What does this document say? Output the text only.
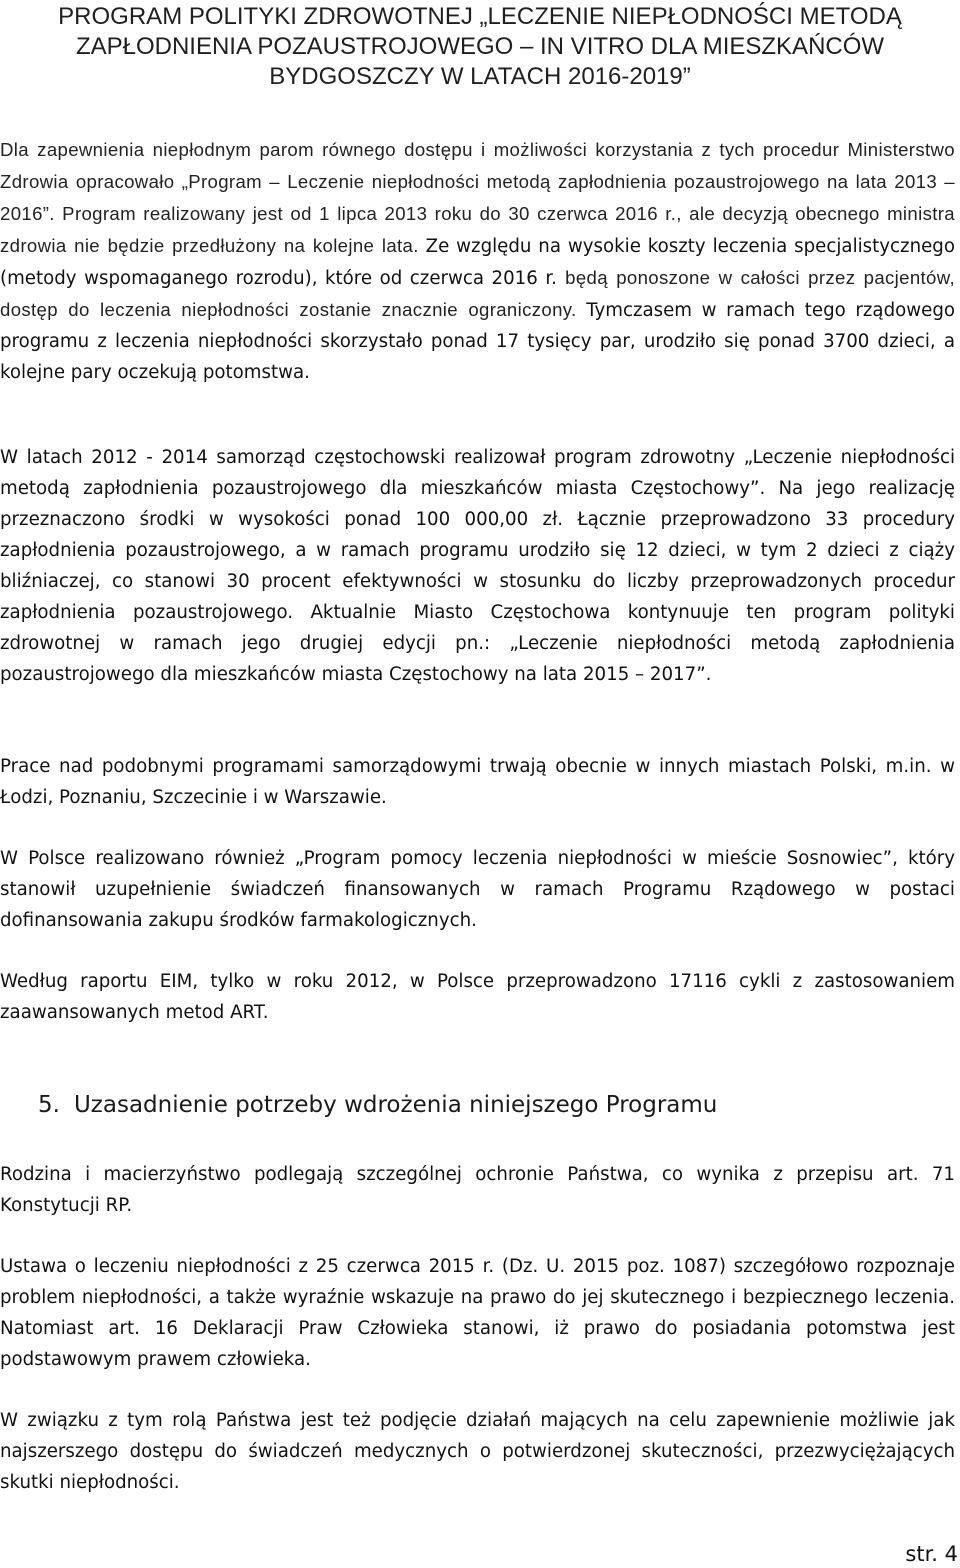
PROGRAM POLITYKI ZDROWOTNEJ „LECZENIE NIEPŁODNOŚCI METODĄ
ZAPŁODNIENIA POZAUSTROJOWEGO – IN VITRO DLA MIESZKAŃCÓW
BYDGOSZCZY W LATACH 2016-2019”

Dla zapewnienia niepłodnym parom równego dostępu i możliwości korzystania z tych procedur Ministerstwo Zdrowia opracowało „Program – Leczenie niepłodności metodą zapłodnienia pozaustrojowego na lata 2013 – 2016”. Program realizowany jest od 1 lipca 2013 roku do 30 czerwca 2016 r., ale decyzją obecnego ministra zdrowia nie będzie przedłużony na kolejne lata. Ze względu na wysokie koszty leczenia specjalistycznego (metody wspomaganego rozrodu), które od czerwca 2016 r. będą ponoszone w całości przez pacjentów, dostęp do leczenia niepłodności zostanie znacznie ograniczony. Tymczasem w ramach tego rządowego programu z leczenia niepłodności skorzystało ponad 17 tysięcy par, urodziło się ponad 3700 dzieci, a kolejne pary oczekują potomstwa.

W latach 2012 - 2014 samorząd częstochowski realizował program zdrowotny „Leczenie niepłodności metodą zapłodnienia pozaustrojowego dla mieszkańców miasta Częstochowy”. Na jego realizację przeznaczono środki w wysokości ponad 100 000,00 zł. Łącznie przeprowadzono 33 procedury zapłodnienia pozaustrojowego, a w ramach programu urodziło się 12 dzieci, w tym 2 dzieci z ciąży bliźniaczej, co stanowi 30 procent efektywności w stosunku do liczby przeprowadzonych procedur zapłodnienia pozaustrojowego. Aktualnie Miasto Częstochowa kontynuuje ten program polityki zdrowotnej w ramach jego drugiej edycji pn.: „Leczenie niepłodności metodą zapłodnienia pozaustrojowego dla mieszkańców miasta Częstochowy na lata 2015 – 2017”.

Prace nad podobnymi programami samorządowymi trwają obecnie w innych miastach Polski, m.in. w Łodzi, Poznaniu, Szczecinie i w Warszawie.

W Polsce realizowano również „Program pomocy leczenia niepłodności w mieście Sosnowiec”, który stanowił uzupełnienie świadczeń finansowanych w ramach Programu Rządowego w postaci dofinansowania zakupu środków farmakologicznych.

Według raportu EIM, tylko w roku 2012, w Polsce przeprowadzono 17116 cykli z zastosowaniem zaawansowanych metod ART.

5. Uzasadnienie potrzeby wdrożenia niniejszego Programu

Rodzina i macierzyństwo podlegają szczególnej ochronie Państwa, co wynika z przepisu art. 71 Konstytucji RP.

Ustawa o leczeniu niepłodności z 25 czerwca 2015 r. (Dz. U. 2015 poz. 1087) szczegółowo rozpoznaje problem niepłodności, a także wyraźnie wskazuje na prawo do jej skutecznego i bezpiecznego leczenia. Natomiast art. 16 Deklaracji Praw Człowieka stanowi, iż prawo do posiadania potomstwa jest podstawowym prawem człowieka.

W związku z tym rolą Państwa jest też podjęcie działań mających na celu zapewnienie możliwie jak najszerszego dostępu do świadczeń medycznych o potwierdzonej skuteczności, przezwyciężających skutki niepłodności.

str. 4
